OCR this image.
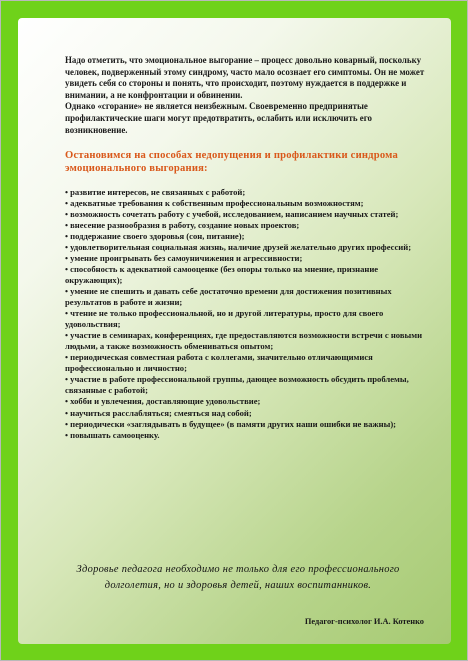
Надо отметить, что эмоциональное выгорание – процесс довольно коварный, поскольку человек, подверженный этому синдрому, часто мало осознает его симптомы. Он не может увидеть себя со стороны и понять, что происходит, поэтому нуждается в поддержке и внимании, а не конфронтации и обвинении.
Однако «сгорание» не является неизбежным. Своевременно предпринятые профилактические шаги могут предотвратить, ослабить или исключить его возникновение.

Остановимся на способах недопущения и профилактики синдрома эмоционального выгорания:

• развитие интересов, не связанных с работой;
• адекватные требования к собственным профессиональным возможностям;
• возможность сочетать работу с учебой, исследованием, написанием научных статей;
• внесение разнообразия в работу, создание новых проектов;
• поддержание своего здоровья (сон, питание);
• удовлетворительная социальная жизнь, наличие друзей желательно других профессий;
• умение проигрывать без самоуничижения и агрессивности;
• способность к адекватной самооценке (без опоры только на мнение, признание окружающих);
• умение не спешить и давать себе достаточно времени для достижения позитивных результатов в работе и жизни;
• чтение не только профессиональной, но и другой литературы, просто для своего удовольствия;
• участие в семинарах, конференциях, где предоставляются возможности встречи с новыми людьми, а также возможность обмениваться опытом;
• периодическая совместная работа с коллегами, значительно отличающимися профессионально и личностно;
• участие в работе профессиональной группы, дающее возможность обсудить проблемы, связанные с работой;
• хобби и увлечения, доставляющие удовольствие;
• научиться расслабляться; смеяться над собой;
• периодически «заглядывать в будущее» (в памяти других наши ошибки не важны);
• повышать самооценку.
Здоровье педагога необходимо не только для его профессионального долголетия, но и здоровья детей, наших воспитанников.
Педагог-психолог И.А. Котенко
